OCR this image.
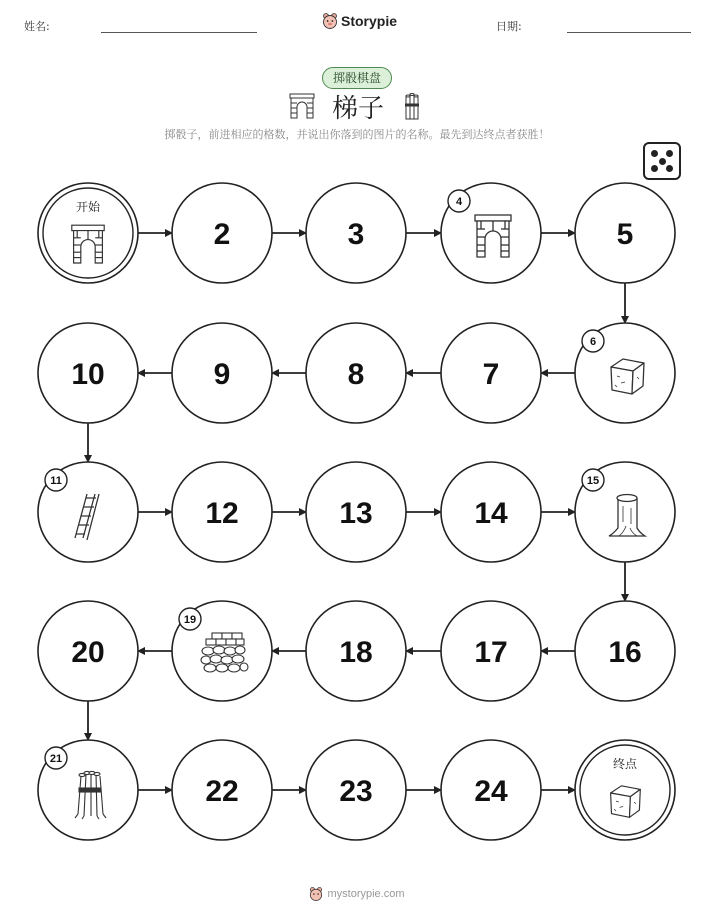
姓名:	Storypie	日期:
掷骰棋盘
梯子
掷骰子，前进相应的格数，并说出你落到的图片的名称。最先到达终点者获胜！
开始
2	3
4
5
6
7
8
9
10
11
12	13	14
15
16
17
18
19
20
21
22	23	24
终点
mystorypie.com
